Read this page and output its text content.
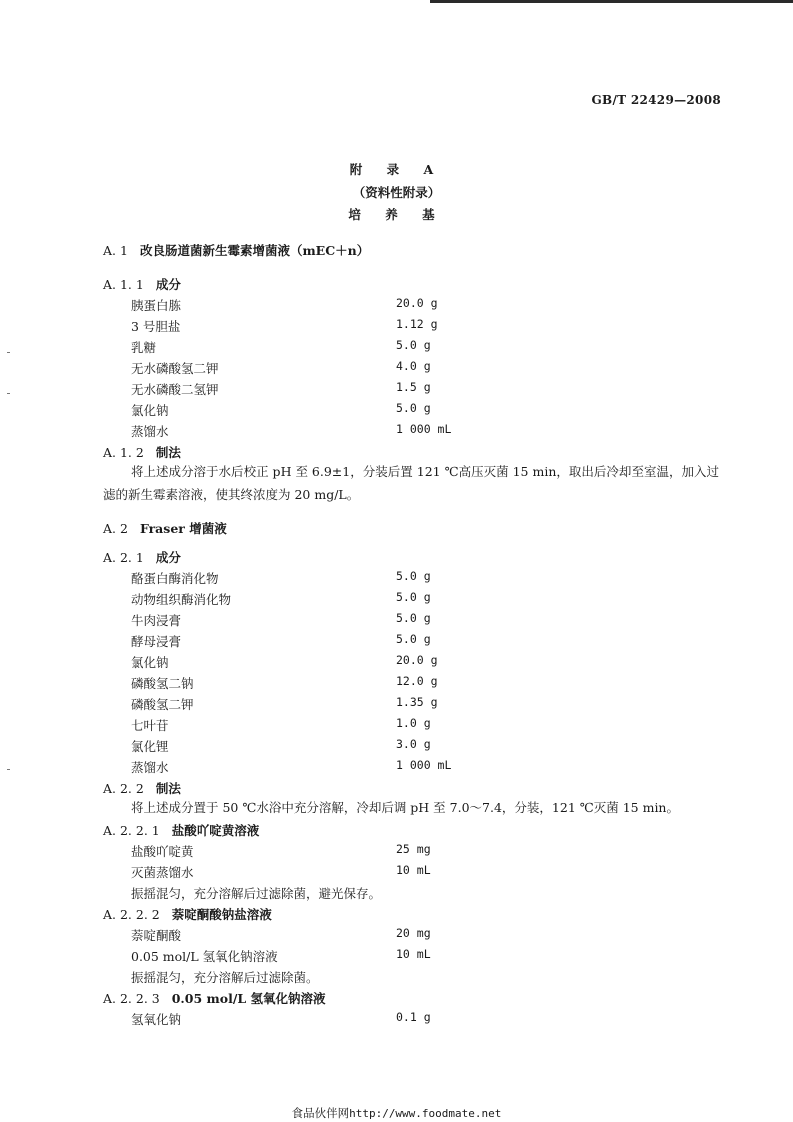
GB/T 22429—2008
附 录 A
（资料性附录）
培 养 基
A. 1 改良肠道菌新生霉素增菌液（mEC＋n）
A. 1. 1 成分
胰蛋白胨	20.0 g
3 号胆盐	1.12 g
乳糖	5.0 g
无水磷酸氢二钾	4.0 g
无水磷酸二氢钾	1.5 g
氯化钠	5.0 g
蒸馏水	1 000 mL
A. 1. 2 制法
将上述成分溶于水后校正 pH 至 6.9±1，分装后置 121 ℃高压灭菌 15 min，取出后冷却至室温，加入过滤的新生霉素溶液，使其终浓度为 20 mg/L。
A. 2 Fraser 增菌液
A. 2. 1 成分
酪蛋白酶消化物	5.0 g
动物组织酶消化物	5.0 g
牛肉浸膏	5.0 g
酵母浸膏	5.0 g
氯化钠	20.0 g
磷酸氢二钠	12.0 g
磷酸氢二钾	1.35 g
七叶苷	1.0 g
氯化锂	3.0 g
蒸馏水	1 000 mL
A. 2. 2 制法
将上述成分置于 50 ℃水浴中充分溶解，冷却后调 pH 至 7.0～7.4，分装，121 ℃灭菌 15 min。
A. 2. 2. 1 盐酸吖啶黄溶液
盐酸吖啶黄	25 mg
灭菌蒸馏水	10 mL
振摇混匀，充分溶解后过滤除菌，避光保存。
A. 2. 2. 2 萘啶酮酸钠盐溶液
萘啶酮酸	20 mg
0.05 mol/L 氢氧化钠溶液	10 mL
振摇混匀，充分溶解后过滤除菌。
A. 2. 2. 3 0.05 mol/L 氢氧化钠溶液
氢氧化钠	0.1 g
食品伙伴网http://www.foodmate.net
